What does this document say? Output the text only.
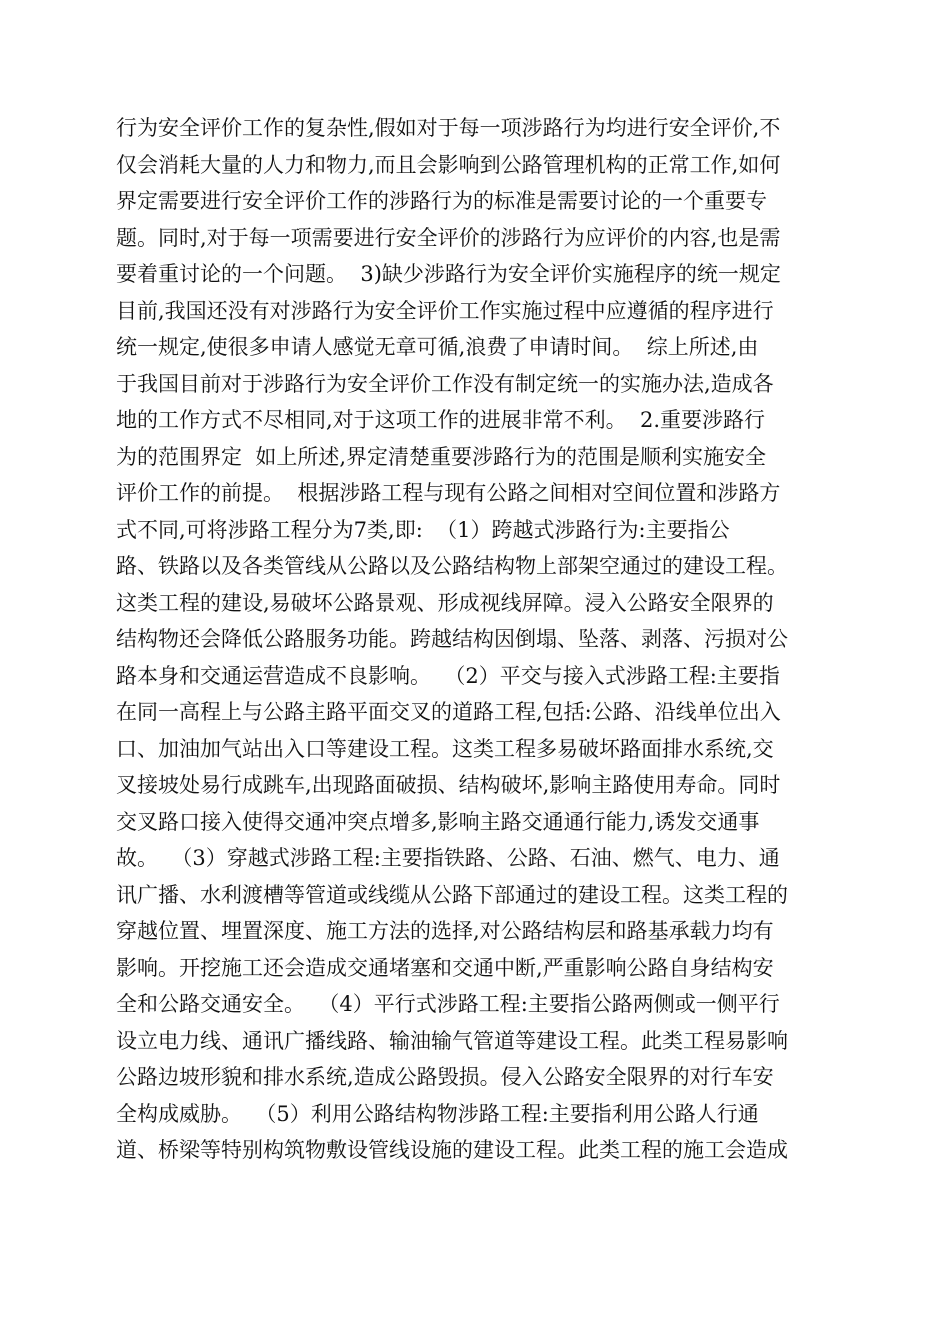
行为安全评价工作的复杂性,假如对于每一项涉路行为均进行安全评价,不
仅会消耗大量的人力和物力,而且会影响到公路管理机构的正常工作,如何
界定需要进行安全评价工作的涉路行为的标准是需要讨论的一个重要专
题。同时,对于每一项需要进行安全评价的涉路行为应评价的内容,也是需
要着重讨论的一个问题。  3)缺少涉路行为安全评价实施程序的统一规定
目前,我国还没有对涉路行为安全评价工作实施过程中应遵循的程序进行
统一规定,使很多申请人感觉无章可循,浪费了申请时间。  综上所述,由
于我国目前对于涉路行为安全评价工作没有制定统一的实施办法,造成各
地的工作方式不尽相同,对于这项工作的进展非常不利。  2.重要涉路行
为的范围界定  如上所述,界定清楚重要涉路行为的范围是顺利实施安全
评价工作的前提。  根据涉路工程与现有公路之间相对空间位置和涉路方
式不同,可将涉路工程分为7类,即:  （1）跨越式涉路行为:主要指公
路、铁路以及各类管线从公路以及公路结构物上部架空通过的建设工程。
这类工程的建设,易破坏公路景观、形成视线屏障。浸入公路安全限界的
结构物还会降低公路服务功能。跨越结构因倒塌、坠落、剥落、污损对公
路本身和交通运营造成不良影响。  （2）平交与接入式涉路工程:主要指
在同一高程上与公路主路平面交叉的道路工程,包括:公路、沿线单位出入
口、加油加气站出入口等建设工程。这类工程多易破坏路面排水系统,交
叉接坡处易行成跳车,出现路面破损、结构破坏,影响主路使用寿命。同时
交叉路口接入使得交通冲突点增多,影响主路交通通行能力,诱发交通事
故。  （3）穿越式涉路工程:主要指铁路、公路、石油、燃气、电力、通
讯广播、水利渡槽等管道或线缆从公路下部通过的建设工程。这类工程的
穿越位置、埋置深度、施工方法的选择,对公路结构层和路基承载力均有
影响。开挖施工还会造成交通堵塞和交通中断,严重影响公路自身结构安
全和公路交通安全。  （4）平行式涉路工程:主要指公路两侧或一侧平行
设立电力线、通讯广播线路、输油输气管道等建设工程。此类工程易影响
公路边坡形貌和排水系统,造成公路毁损。侵入公路安全限界的对行车安
全构成威胁。  （5）利用公路结构物涉路工程:主要指利用公路人行通
道、桥梁等特别构筑物敷设管线设施的建设工程。此类工程的施工会造成
